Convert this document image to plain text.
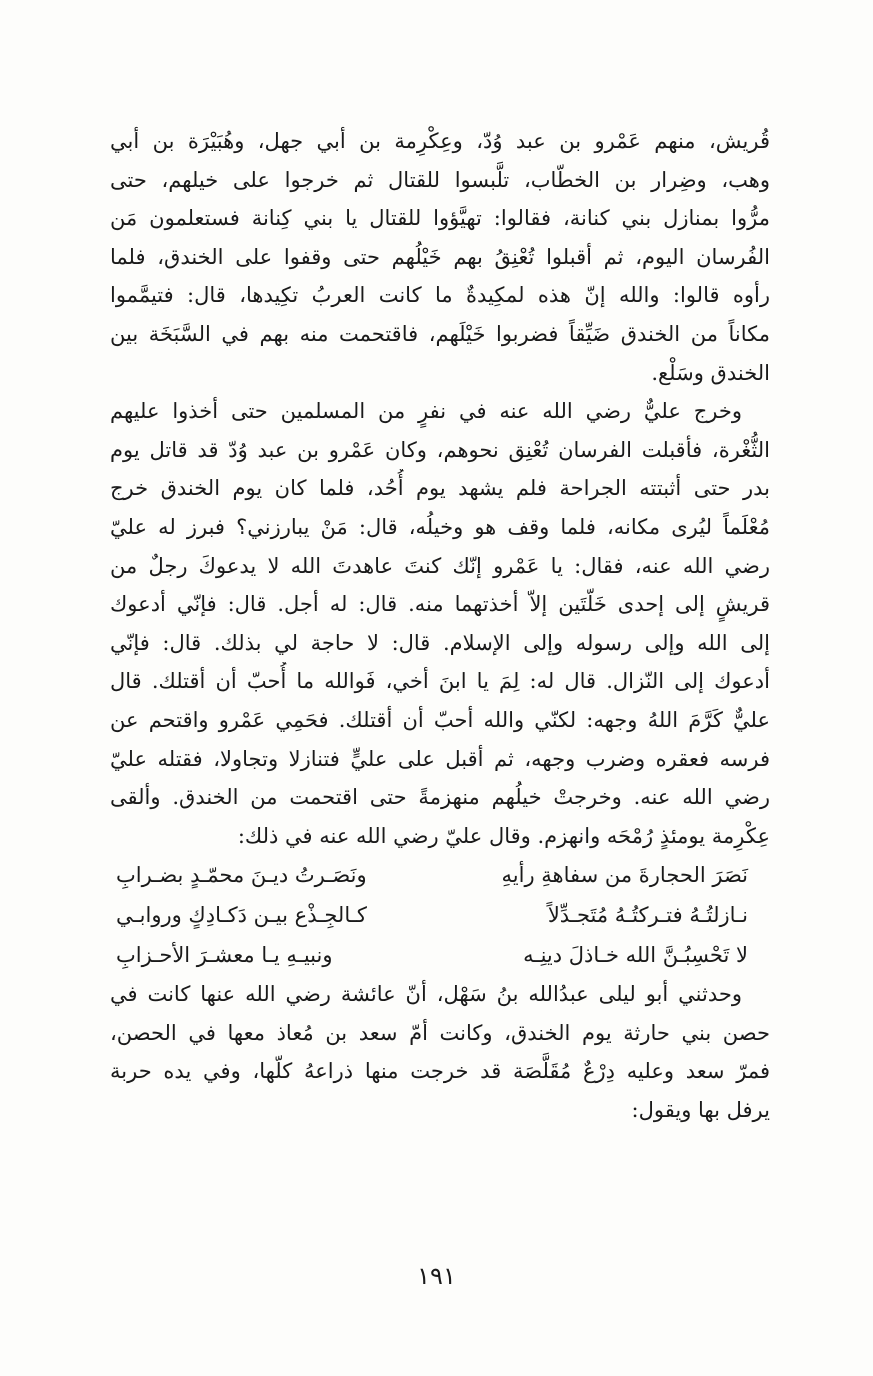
قُريش، منهم عَمْرو بن عبد وُدّ، وعِكْرِمة بن أبي جهل، وهُبَيْرَة بن أبي
وهب، وضِرار بن الخطّاب، تلَّبسوا للقتال ثم خرجوا على خيلهم، حتى
مرُّوا بمنازل بني كنانة، فقالوا: تهيَّؤوا للقتال يا بني كِنانة فستعلمون مَن
الفُرسان اليوم، ثم أقبلوا تُعْنِقُ بهم خَيْلُهم حتى وقفوا على الخندق، فلما
رأوه قالوا: والله إنّ هذه لمكِيدةٌ ما كانت العربُ تكِيدها، قال: فتيمَّموا
مكاناً من الخندق ضَيِّقاً فضربوا خَيْلَهم، فاقتحمت منه بهم في السَّبَخَة بين
الخندق وسَلْع.
وخرج عليٌّ رضي الله عنه في نفرٍ من المسلمين حتى أخذوا عليهم
الثُّغْرة، فأقبلت الفرسان تُعْنِق نحوهم، وكان عَمْرو بن عبد وُدّ قد قاتل يوم
بدر حتى أثبتته الجراحة فلم يشهد يوم أُحُد، فلما كان يوم الخندق خرج
مُعْلَماً ليُرى مكانه، فلما وقف هو وخيلُه، قال: مَنْ يبارزني؟ فبرز له عليّ
رضي الله عنه، فقال: يا عَمْرو إنّك كنتَ عاهدتَ الله لا يدعوكَ رجلٌ من
قريشٍ إلى إحدى خَلّتَين إلاّ أخذتهما منه. قال: له أجل. قال: فإنّي أدعوك
إلى الله وإلى رسوله وإلى الإسلام. قال: لا حاجة لي بذلك. قال: فإنّي
أدعوك إلى النّزال. قال له: لِمَ يا ابنَ أخي، فَوالله ما أُحبّ أن أقتلك. قال
عليٌّ كَرَّمَ اللهُ وجهه: لكنّي والله أحبّ أن أقتلك. فحَمِي عَمْرو واقتحم عن
فرسه فعقره وضرب وجهه، ثم أقبل على عليٍّ فتنازلا وتجاولا، فقتله عليّ
رضي الله عنه. وخرجتْ خيلُهم منهزمةً حتى اقتحمت من الخندق. وألقى
عِكْرِمة يومئذٍ رُمْحَه وانهزم. وقال عليّ رضي الله عنه في ذلك:
نَصَرَ الحجارةَ من سفاهةِ رأيهِ
ونَصَـرتُ ديـنَ محمّـدٍ بضـرابِ
نـازلتُـهُ فتـركتُـهُ مُتَجـدِّلاً
كـالجِـذْع بيـن دَكـادِكٍ وروابـي
لا تَحْسِبُـنَّ الله خـاذلَ دينِـه
ونبيـهِ يـا معشـرَ الأحـزابِ
وحدثني أبو ليلى عبدُالله بنُ سَهْل، أنّ عائشة رضي الله عنها كانت في
حصن بني حارثة يوم الخندق، وكانت أمّ سعد بن مُعاذ معها في الحصن،
فمرّ سعد وعليه دِرْعٌ مُقَلَّصَة قد خرجت منها ذراعهُ كلّها، وفي يده حربة
يرفل بها ويقول:
١٩١
